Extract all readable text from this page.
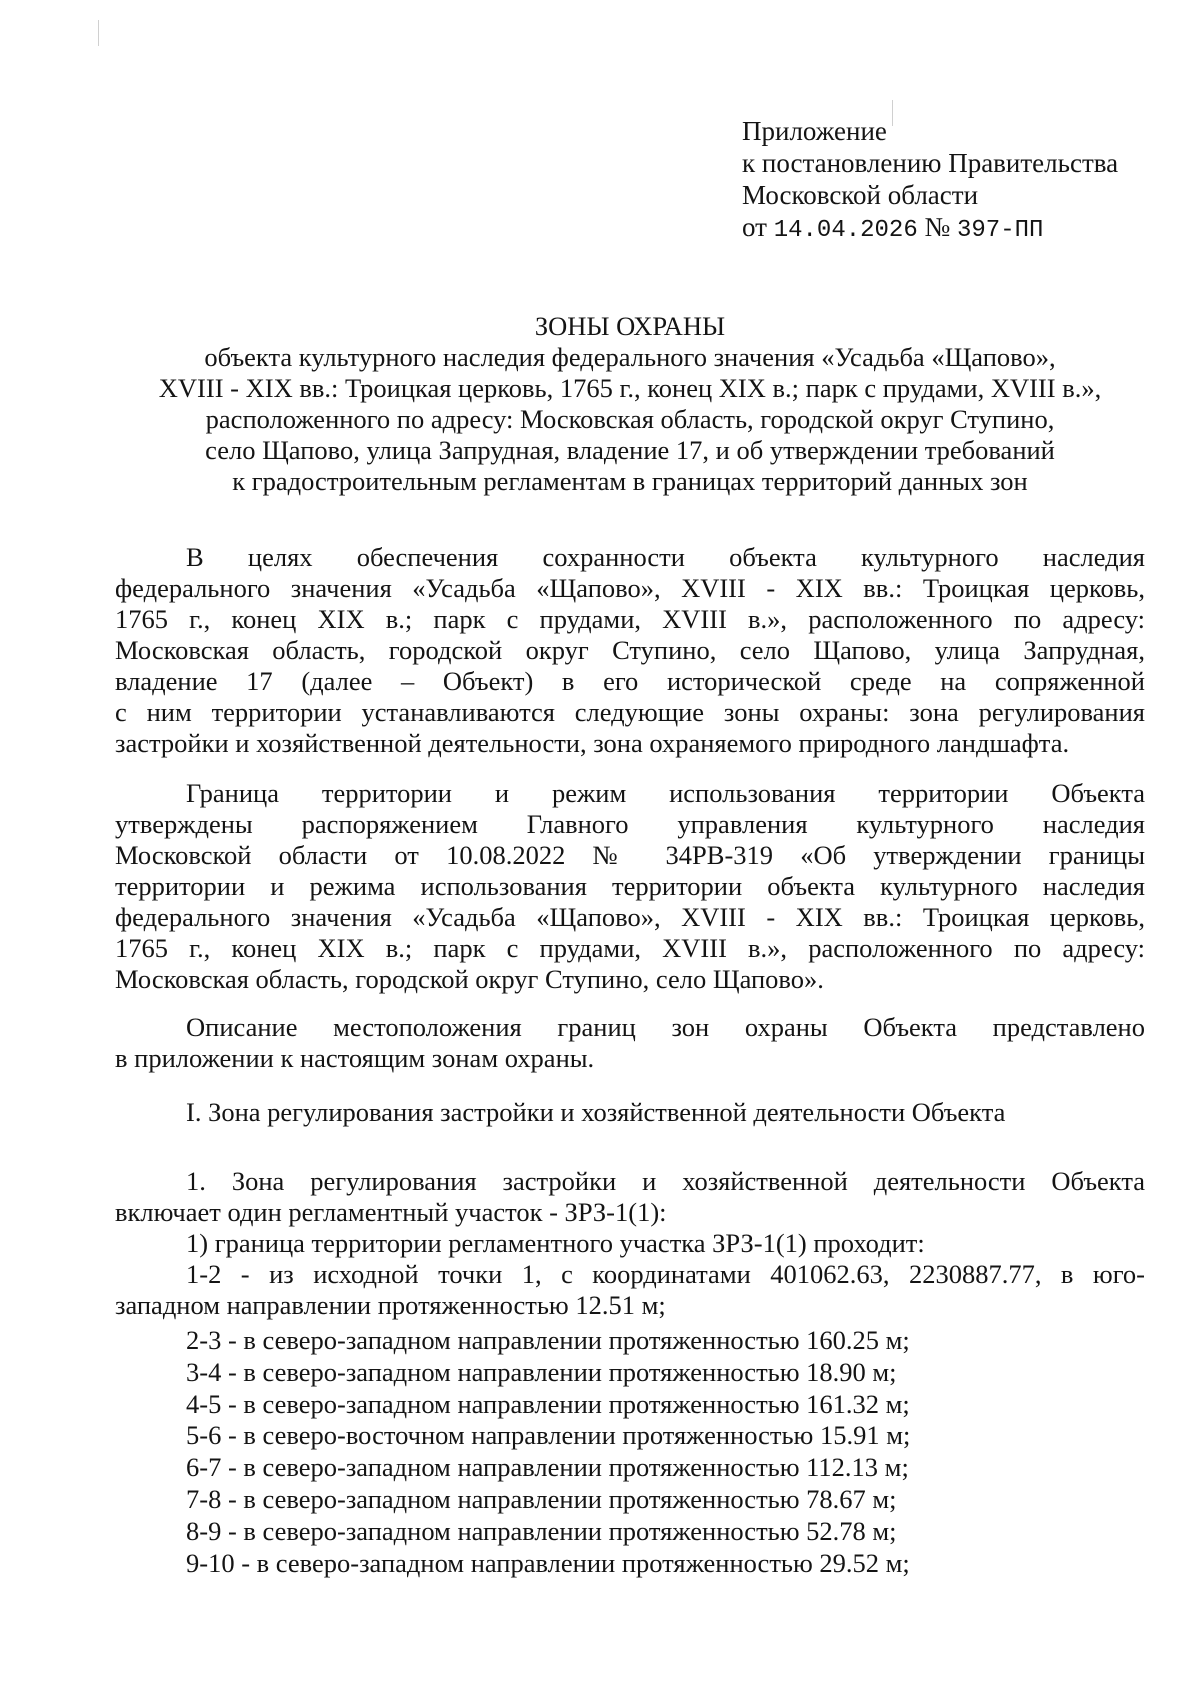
Приложение
к постановлению Правительства
Московской области
от 14.04.2026 № 397-ПП
ЗОНЫ ОХРАНЫ
объекта культурного наследия федерального значения «Усадьба «Щапово»,
XVIII - XIX вв.: Троицкая церковь, 1765 г., конец XIX в.; парк с прудами, XVIII в.»,
расположенного по адресу: Московская область, городской округ Ступино,
село Щапово, улица Запрудная, владение 17, и об утверждении требований
к градостроительным регламентам в границах территорий данных зон
В целях обеспечения сохранности объекта культурного наследия
федерального значения «Усадьба «Щапово», XVIII - XIX вв.: Троицкая церковь,
1765 г., конец XIX в.; парк с прудами, XVIII в.», расположенного по адресу:
Московская область, городской округ Ступино, село Щапово, улица Запрудная,
владение 17 (далее – Объект) в его исторической среде на сопряженной
с ним территории устанавливаются следующие зоны охраны: зона регулирования
застройки и хозяйственной деятельности, зона охраняемого природного ландшафта.
Граница территории и режим использования территории Объекта
утверждены распоряжением Главного управления культурного наследия
Московской области от 10.08.2022 № 34РВ-319 «Об утверждении границы
территории и режима использования территории объекта культурного наследия
федерального значения «Усадьба «Щапово», XVIII - XIX вв.: Троицкая церковь,
1765 г., конец XIX в.; парк с прудами, XVIII в.», расположенного по адресу:
Московская область, городской округ Ступино, село Щапово».
Описание местоположения границ зон охраны Объекта представлено
в приложении к настоящим зонам охраны.
I. Зона регулирования застройки и хозяйственной деятельности Объекта
1. Зона регулирования застройки и хозяйственной деятельности Объекта
включает один регламентный участок - ЗРЗ-1(1):
1) граница территории регламентного участка ЗРЗ-1(1) проходит:
1-2 - из исходной точки 1, с координатами 401062.63, 2230887.77, в юго-
западном направлении протяженностью 12.51 м;
2-3 - в северо-западном направлении протяженностью 160.25 м;
3-4 - в северо-западном направлении протяженностью 18.90 м;
4-5 - в северо-западном направлении протяженностью 161.32 м;
5-6 - в северо-восточном направлении протяженностью 15.91 м;
6-7 - в северо-западном направлении протяженностью 112.13 м;
7-8 - в северо-западном направлении протяженностью 78.67 м;
8-9 - в северо-западном направлении протяженностью 52.78 м;
9-10 - в северо-западном направлении протяженностью 29.52 м;
